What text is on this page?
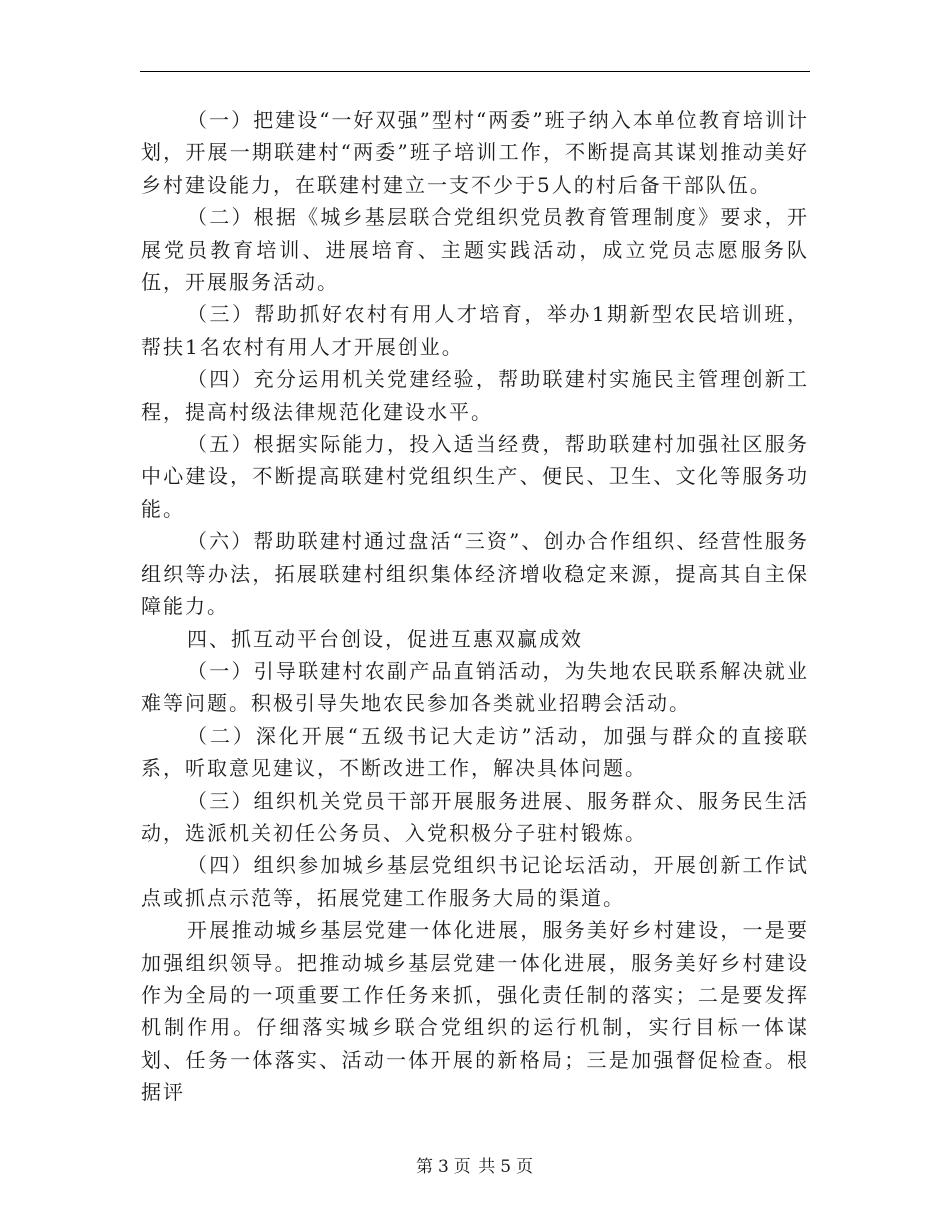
（一）把建设“一好双强”型村“两委”班子纳入本单位教育培训计划，开展一期联建村“两委”班子培训工作，不断提高其谋划推动美好乡村建设能力，在联建村建立一支不少于5人的村后备干部队伍。

（二）根据《城乡基层联合党组织党员教育管理制度》要求，开展党员教育培训、进展培育、主题实践活动，成立党员志愿服务队伍，开展服务活动。

（三）帮助抓好农村有用人才培育，举办1期新型农民培训班，帮扶1名农村有用人才开展创业。

（四）充分运用机关党建经验，帮助联建村实施民主管理创新工程，提高村级法律规范化建设水平。

（五）根据实际能力，投入适当经费，帮助联建村加强社区服务中心建设，不断提高联建村党组织生产、便民、卫生、文化等服务功能。

（六）帮助联建村通过盘活“三资”、创办合作组织、经营性服务组织等办法，拓展联建村组织集体经济增收稳定来源，提高其自主保障能力。

四、抓互动平台创设，促进互惠双赢成效

（一）引导联建村农副产品直销活动，为失地农民联系解决就业难等问题。积极引导失地农民参加各类就业招聘会活动。

（二）深化开展“五级书记大走访”活动，加强与群众的直接联系，听取意见建议，不断改进工作，解决具体问题。

（三）组织机关党员干部开展服务进展、服务群众、服务民生活动，选派机关初任公务员、入党积极分子驻村锻炼。

（四）组织参加城乡基层党组织书记论坛活动，开展创新工作试点或抓点示范等，拓展党建工作服务大局的渠道。

开展推动城乡基层党建一体化进展，服务美好乡村建设，一是要加强组织领导。把推动城乡基层党建一体化进展，服务美好乡村建设作为全局的一项重要工作任务来抓，强化责任制的落实；二是要发挥机制作用。仔细落实城乡联合党组织的运行机制，实行目标一体谋划、任务一体落实、活动一体开展的新格局；三是加强督促检查。根据评

第 3 页 共 5 页
